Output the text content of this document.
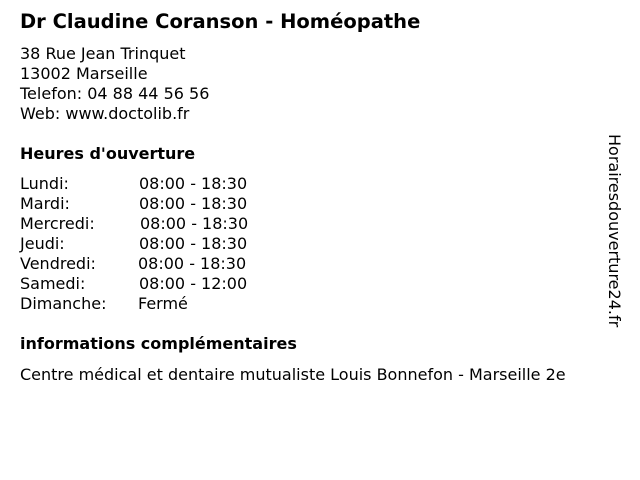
Dr Claudine Coranson - Homéopathe
38 Rue Jean Trinquet
13002 Marseille
Telefon: 04 88 44 56 56
Web: www.doctolib.fr
Heures d'ouverture
Lundi:	08:00 - 18:30
Mardi:	08:00 - 18:30
Mercredi:	08:00 - 18:30
Jeudi:	08:00 - 18:30
Vendredi:	08:00 - 18:30
Samedi:	08:00 - 12:00
Dimanche: Fermé
informations complémentaires
Centre médical et dentaire mutualiste Louis Bonnefon - Marseille 2e
Horairesdouverture24.fr
